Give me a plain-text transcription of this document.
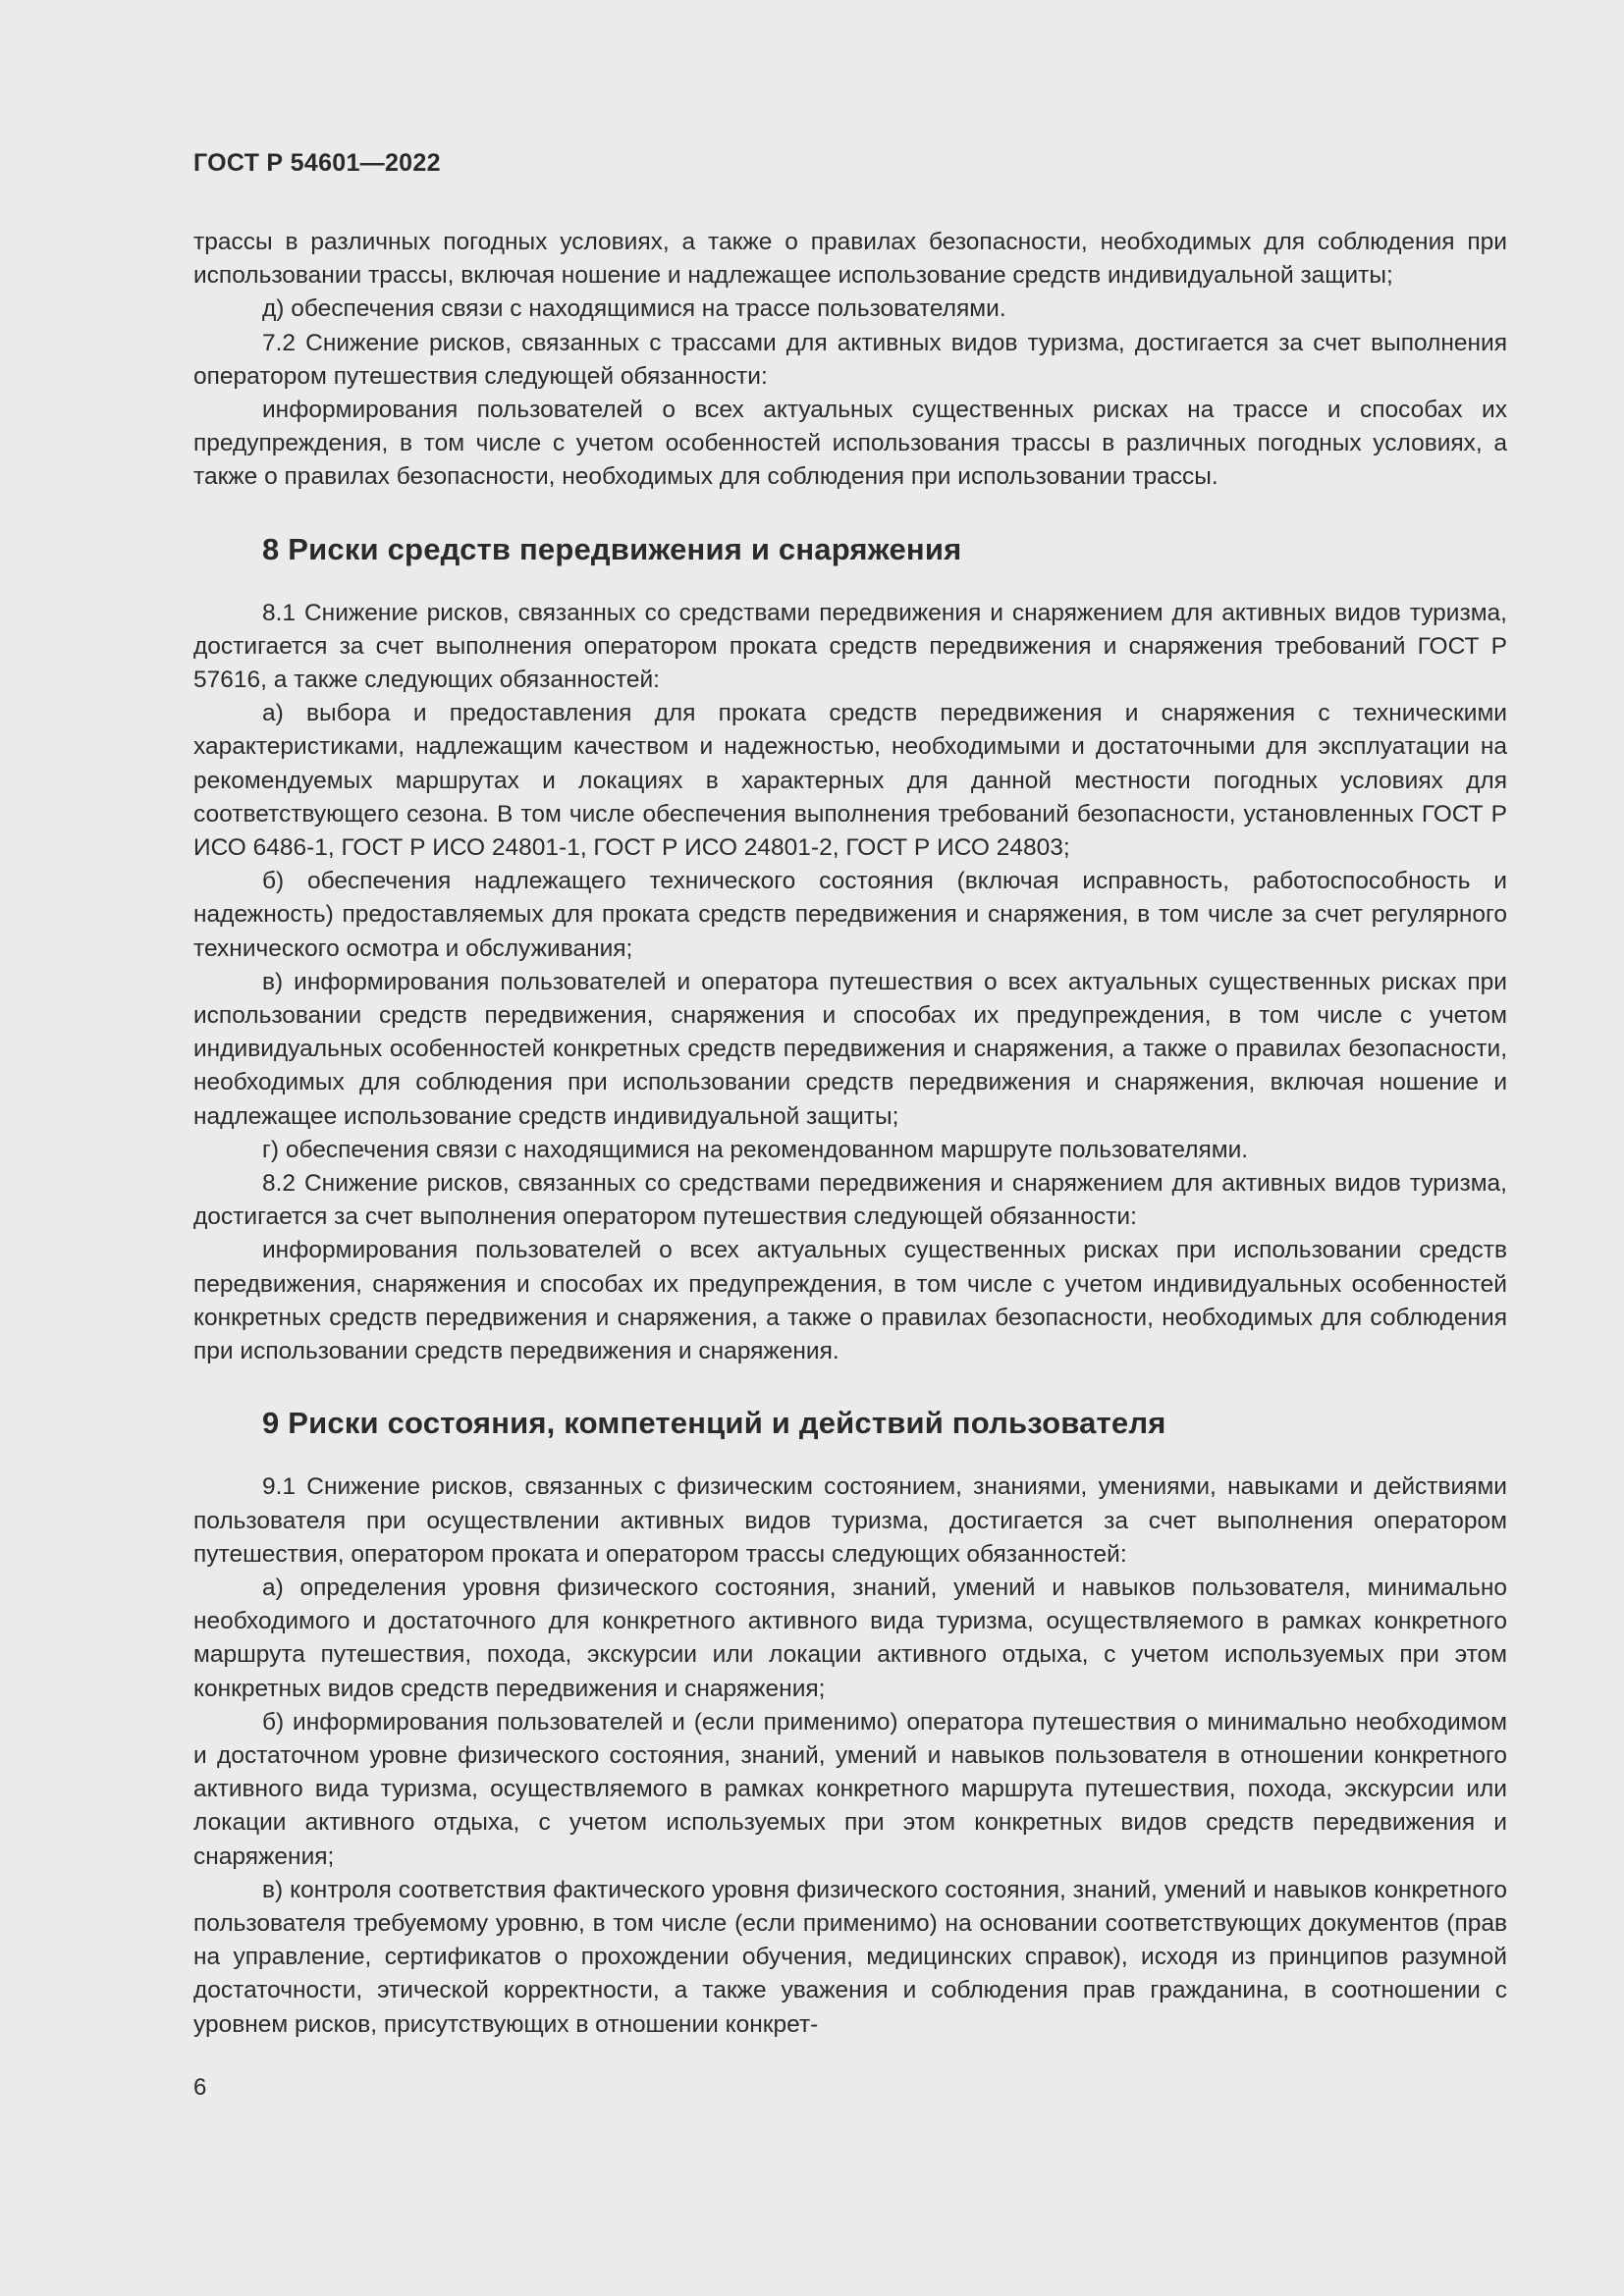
ГОСТ Р 54601—2022

трассы в различных погодных условиях, а также о правилах безопасности, необходимых для соблюдения при использовании трассы, включая ношение и надлежащее использование средств индивидуальной защиты;

д) обеспечения связи с находящимися на трассе пользователями.

7.2 Снижение рисков, связанных с трассами для активных видов туризма, достигается за счет выполнения оператором путешествия следующей обязанности:

информирования пользователей о всех актуальных существенных рисках на трассе и способах их предупреждения, в том числе с учетом особенностей использования трассы в различных погодных условиях, а также о правилах безопасности, необходимых для соблюдения при использовании трассы.

8 Риски средств передвижения и снаряжения

8.1 Снижение рисков, связанных со средствами передвижения и снаряжением для активных видов туризма, достигается за счет выполнения оператором проката средств передвижения и снаряжения требований ГОСТ Р 57616, а также следующих обязанностей:

а) выбора и предоставления для проката средств передвижения и снаряжения с техническими характеристиками, надлежащим качеством и надежностью, необходимыми и достаточными для эксплуатации на рекомендуемых маршрутах и локациях в характерных для данной местности погодных условиях для соответствующего сезона. В том числе обеспечения выполнения требований безопасности, установленных ГОСТ Р ИСО 6486-1, ГОСТ Р ИСО 24801-1, ГОСТ Р ИСО 24801-2, ГОСТ Р ИСО 24803;

б) обеспечения надлежащего технического состояния (включая исправность, работоспособность и надежность) предоставляемых для проката средств передвижения и снаряжения, в том числе за счет регулярного технического осмотра и обслуживания;

в) информирования пользователей и оператора путешествия о всех актуальных существенных рисках при использовании средств передвижения, снаряжения и способах их предупреждения, в том числе с учетом индивидуальных особенностей конкретных средств передвижения и снаряжения, а также о правилах безопасности, необходимых для соблюдения при использовании средств передвижения и снаряжения, включая ношение и надлежащее использование средств индивидуальной защиты;

г) обеспечения связи с находящимися на рекомендованном маршруте пользователями.

8.2 Снижение рисков, связанных со средствами передвижения и снаряжением для активных видов туризма, достигается за счет выполнения оператором путешествия следующей обязанности:

информирования пользователей о всех актуальных существенных рисках при использовании средств передвижения, снаряжения и способах их предупреждения, в том числе с учетом индивидуальных особенностей конкретных средств передвижения и снаряжения, а также о правилах безопасности, необходимых для соблюдения при использовании средств передвижения и снаряжения.

9 Риски состояния, компетенций и действий пользователя

9.1 Снижение рисков, связанных с физическим состоянием, знаниями, умениями, навыками и действиями пользователя при осуществлении активных видов туризма, достигается за счет выполнения оператором путешествия, оператором проката и оператором трассы следующих обязанностей:

а) определения уровня физического состояния, знаний, умений и навыков пользователя, минимально необходимого и достаточного для конкретного активного вида туризма, осуществляемого в рамках конкретного маршрута путешествия, похода, экскурсии или локации активного отдыха, с учетом используемых при этом конкретных видов средств передвижения и снаряжения;

б) информирования пользователей и (если применимо) оператора путешествия о минимально необходимом и достаточном уровне физического состояния, знаний, умений и навыков пользователя в отношении конкретного активного вида туризма, осуществляемого в рамках конкретного маршрута путешествия, похода, экскурсии или локации активного отдыха, с учетом используемых при этом конкретных видов средств передвижения и снаряжения;

в) контроля соответствия фактического уровня физического состояния, знаний, умений и навыков конкретного пользователя требуемому уровню, в том числе (если применимо) на основании соответствующих документов (прав на управление, сертификатов о прохождении обучения, медицинских справок), исходя из принципов разумной достаточности, этической корректности, а также уважения и соблюдения прав гражданина, в соотношении с уровнем рисков, присутствующих в отношении конкрет-

6
